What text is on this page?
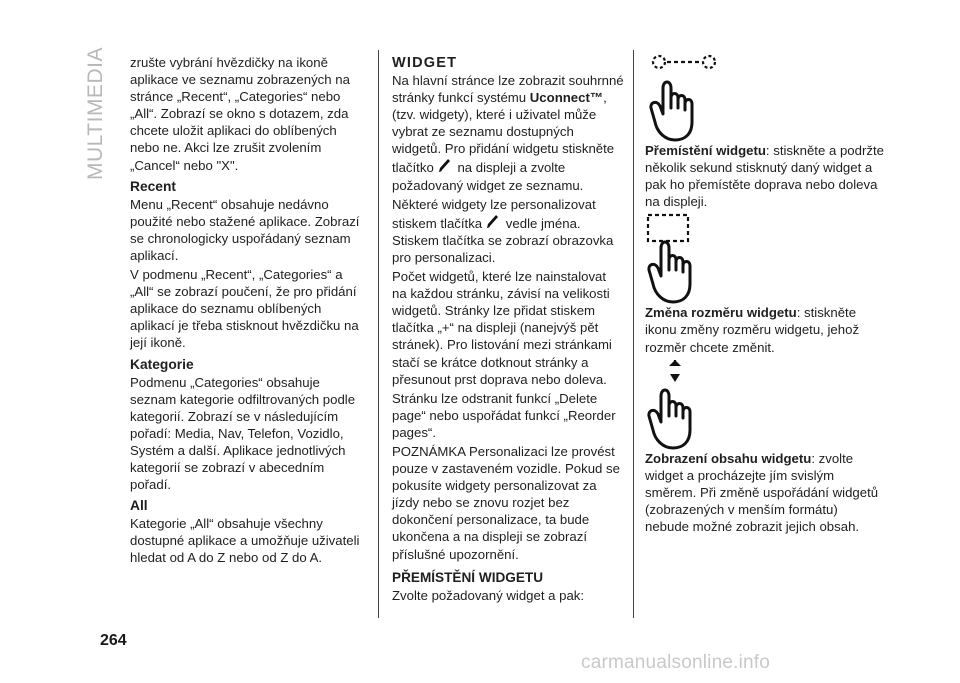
MULTIMEDIA
264

zrušte vybrání hvězdičky na ikoně aplikace ve seznamu zobrazených na stránce „Recent“, „Categories“ nebo „All“. Zobrazí se okno s dotazem, zda chcete uložit aplikaci do oblíbených nebo ne. Akci lze zrušit zvolením „Cancel“ nebo "X".

Recent

Menu „Recent“ obsahuje nedávno použité nebo stažené aplikace. Zobrazí se chronologicky uspořádaný seznam aplikací.

V podmenu „Recent“, „Categories“ a „All“ se zobrazí poučení, že pro přidání aplikace do seznamu oblíbených aplikací je třeba stisknout hvězdičku na její ikoně.

Kategorie

Podmenu „Categories“ obsahuje seznam kategorie odfiltrovaných podle kategorií. Zobrazí se v následujícím pořadí: Media, Nav, Telefon, Vozidlo, Systém a další. Aplikace jednotlivých kategorií se zobrazí v abecedním pořadí.

All

Kategorie „All“ obsahuje všechny dostupné aplikace a umožňuje uživateli hledat od A do Z nebo od Z do A.

WIDGET

Na hlavní stránce lze zobrazit souhrnné stránky funkcí systému Uconnect™, (tzv. widgety), které i uživatel může vybrat ze seznamu dostupných widgetů. Pro přidání widgetu stiskněte tlačítko na displeji a zvolte požadovaný widget ze seznamu.

Některé widgety lze personalizovat stiskem tlačítka vedle jména. Stiskem tlačítka se zobrazí obrazovka pro personalizaci.

Počet widgetů, které lze nainstalovat na každou stránku, závisí na velikosti widgetů. Stránky lze přidat stiskem tlačítka „+“ na displeji (nanejvýš pět stránek). Pro listování mezi stránkami stačí se krátce dotknout stránky a přesunout prst doprava nebo doleva.

Stránku lze odstranit funkcí „Delete page“ nebo uspořádat funkcí „Reorder pages“.

POZNÁMKA Personalizaci lze provést pouze v zastaveném vozidle. Pokud se pokusíte widgety personalizovat za jízdy nebo se znovu rozjet bez dokončení personalizace, ta bude ukončena a na displeji se zobrazí příslušné upozornění.

PŘEMÍSTĚNÍ WIDGETU

Zvolte požadovaný widget a pak:

Přemístění widgetu: stiskněte a podržte několik sekund stisknutý daný widget a pak ho přemístěte doprava nebo doleva na displeji.

Změna rozměru widgetu: stiskněte ikonu změny rozměru widgetu, jehož rozměr chcete změnit.

Zobrazení obsahu widgetu: zvolte widget a procházejte jím svislým směrem. Při změně uspořádání widgetů (zobrazených v menším formátu) nebude možné zobrazit jejich obsah.

carmanualsonline.info
